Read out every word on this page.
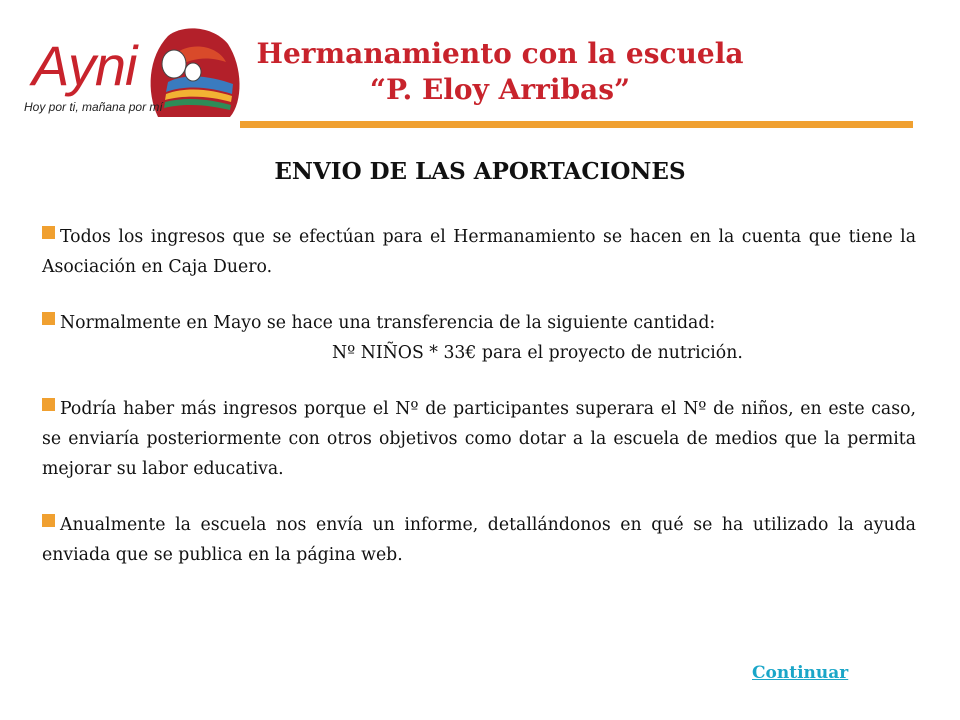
Ayni
Hoy por ti, mañana por mí
Hermanamiento con la escuela
“P. Eloy Arribas”
ENVIO DE LAS APORTACIONES

Todos los ingresos que se efectúan para el Hermanamiento se hacen en la cuenta que tiene la Asociación en Caja Duero.

Normalmente en Mayo se hace una transferencia de la siguiente cantidad:
Nº NIÑOS * 33€ para el proyecto de nutrición.

Podría haber más ingresos porque el Nº de participantes superara el Nº de niños, en este caso, se enviaría posteriormente con otros objetivos como dotar a la escuela de medios que la permita mejorar su labor educativa.

Anualmente la escuela nos envía un informe, detallándonos en qué se ha utilizado la ayuda enviada que se publica en la página web.

Continuar
